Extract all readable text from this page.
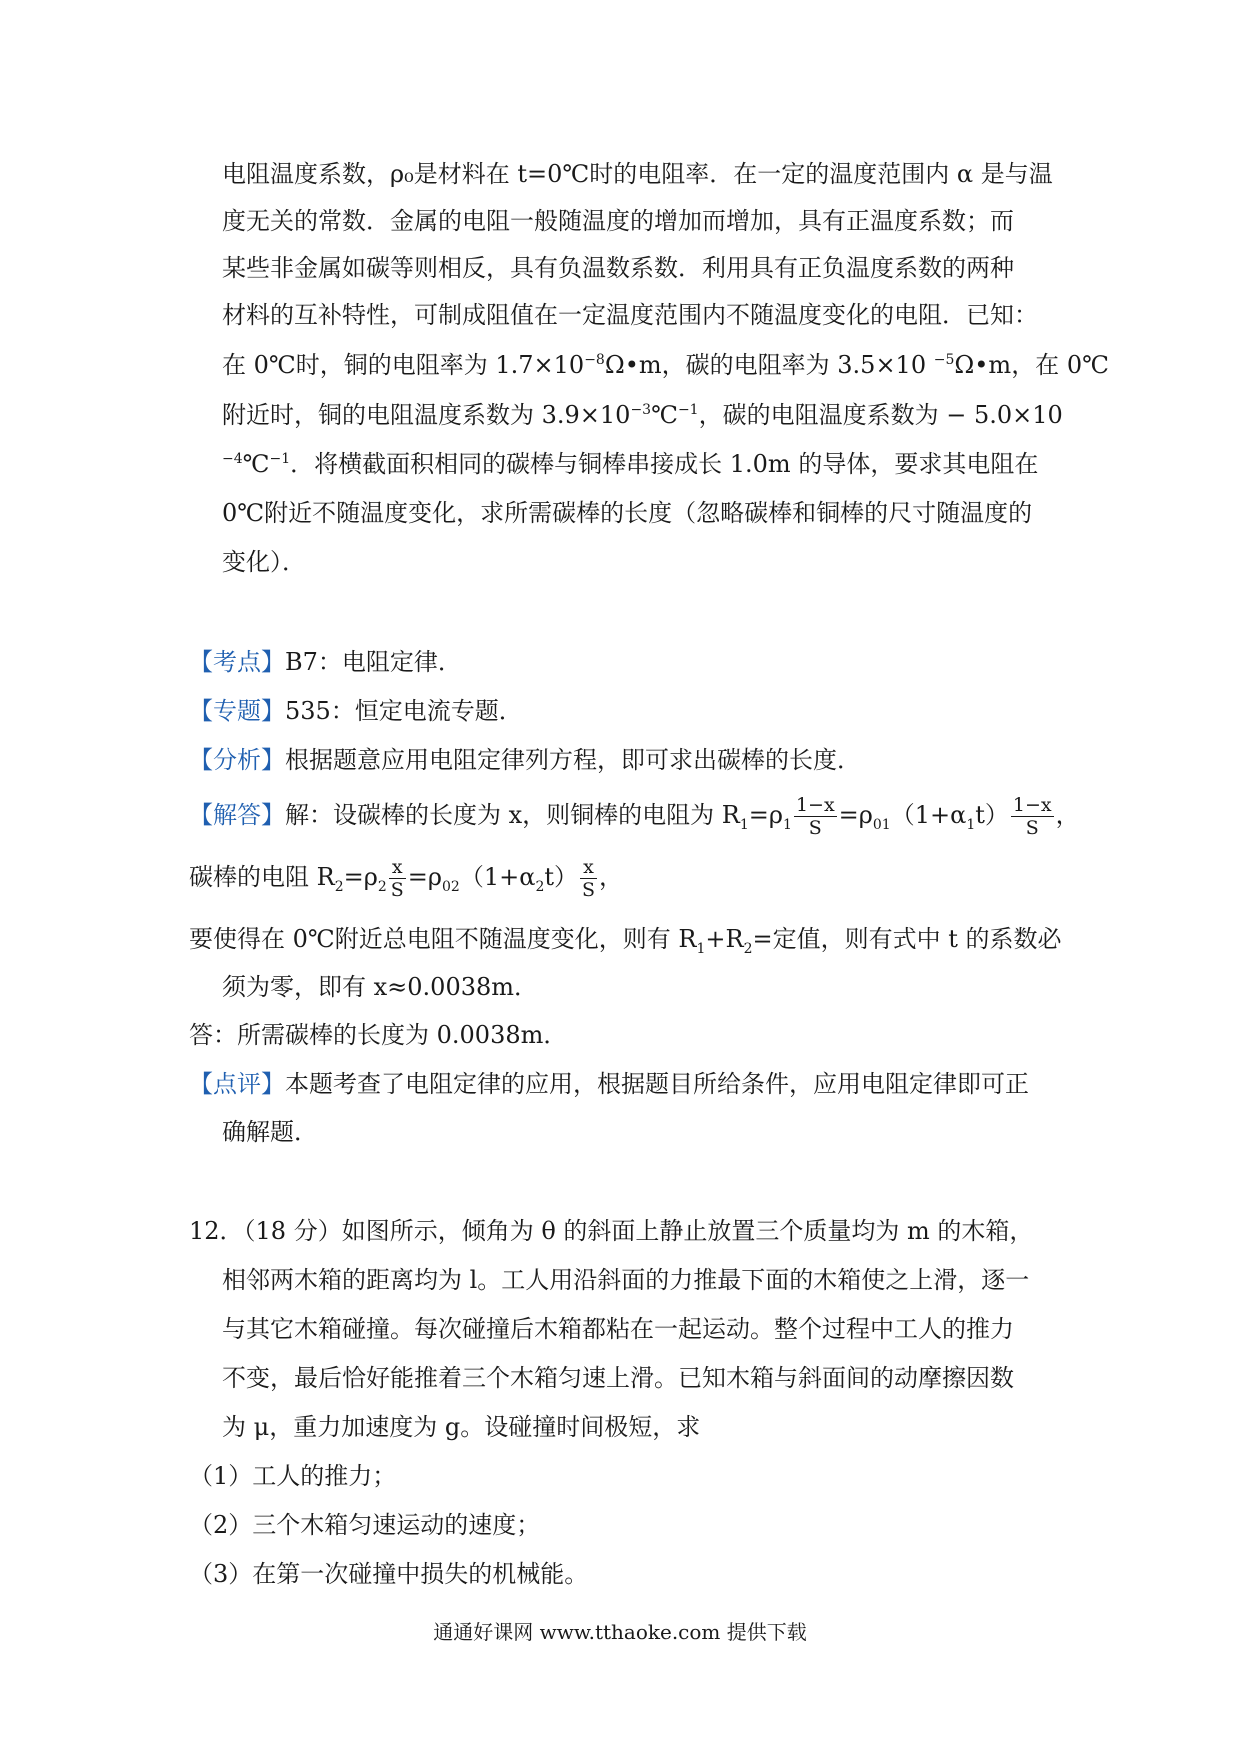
电阻温度系数，ρ₀是材料在 t=0℃时的电阻率．在一定的温度范围内 α 是与温
度无关的常数．金属的电阻一般随温度的增加而增加，具有正温度系数；而
某些非金属如碳等则相反，具有负温数系数．利用具有正负温度系数的两种
材料的互补特性，可制成阻值在一定温度范围内不随温度变化的电阻．已知：
在 0℃时，铜的电阻率为 $1.7\times 10^{-8}\Omega•m$，碳的电阻率为 3.5×10 $^{-5}$Ω•m，在 0℃
附近时，铜的电阻温度系数为 $3.9\times 10^{-3}℃^{-1}$，碳的电阻温度系数为 − 5.0×10
$^{-4}$℃$^{-1}$．将横截面积相同的碳棒与铜棒串接成长 1.0m 的导体，要求其电阻在
0℃附近不随温度变化，求所需碳棒的长度（忽略碳棒和铜棒的尺寸随温度的
变化）．
【考点】B7：电阻定律．
【专题】535：恒定电流专题．
【分析】根据题意应用电阻定律列方程，即可求出碳棒的长度．
【解答】解：设碳棒的长度为 x，则铜棒的电阻为 $R_1=\rho_1 \frac{1-x}{S} =\rho_{01}(1+\alpha_1t) \frac{1-x}{S}$ ，
碳棒的电阻 $R_2=\rho_2 \frac{x}{S} =\rho_{02}(1+\alpha_2t) \frac{x}{S}$ ，
要使得在 0℃附近总电阻不随温度变化，则有 $R_1+R_2=$定值，则有式中 t 的系数必
须为零，即有 x≈0.0038m．
答：所需碳棒的长度为 0.0038m．
【点评】本题考查了电阻定律的应用，根据题目所给条件，应用电阻定律即可正
确解题．
12．（18 分）如图所示，倾角为 θ 的斜面上静止放置三个质量均为 m 的木箱，
相邻两木箱的距离均为 l。工人用沿斜面的力推最下面的木箱使之上滑，逐一
与其它木箱碰撞。每次碰撞后木箱都粘在一起运动。整个过程中工人的推力
不变，最后恰好能推着三个木箱匀速上滑。已知木箱与斜面间的动摩擦因数
为 μ，重力加速度为 g。设碰撞时间极短，求
（1）工人的推力；
（2）三个木箱匀速运动的速度；
（3）在第一次碰撞中损失的机械能。
通通好课网 www.tthaoke.com 提供下载
